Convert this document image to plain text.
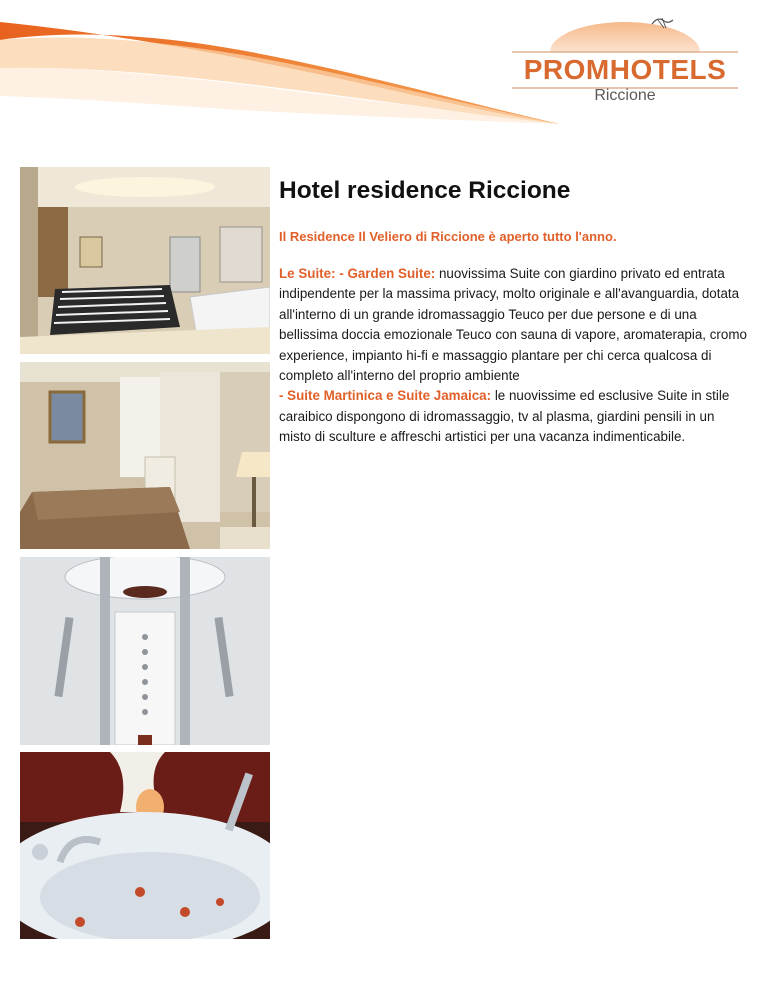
PROMHOTELS
Riccione
Hotel residence Riccione

Il Residence Il Veliero di Riccione è aperto tutto l'anno.

Le Suite: - Garden Suite: nuovissima Suite con giardino privato ed entrata indipendente per la massima privacy, molto originale e all'avanguardia, dotata all'interno di un grande idromassaggio Teuco per due persone e di una bellissima doccia emozionale Teuco con sauna di vapore, aromaterapia, cromo experience, impianto hi-fi e massaggio plantare per chi cerca qualcosa di completo all'interno del proprio ambiente
- Suite Martinica e Suite Jamaica: le nuovissime ed esclusive Suite in stile caraibico dispongono di idromassaggio, tv al plasma, giardini pensili in un misto di sculture e affreschi artistici per una vacanza indimenticabile.
